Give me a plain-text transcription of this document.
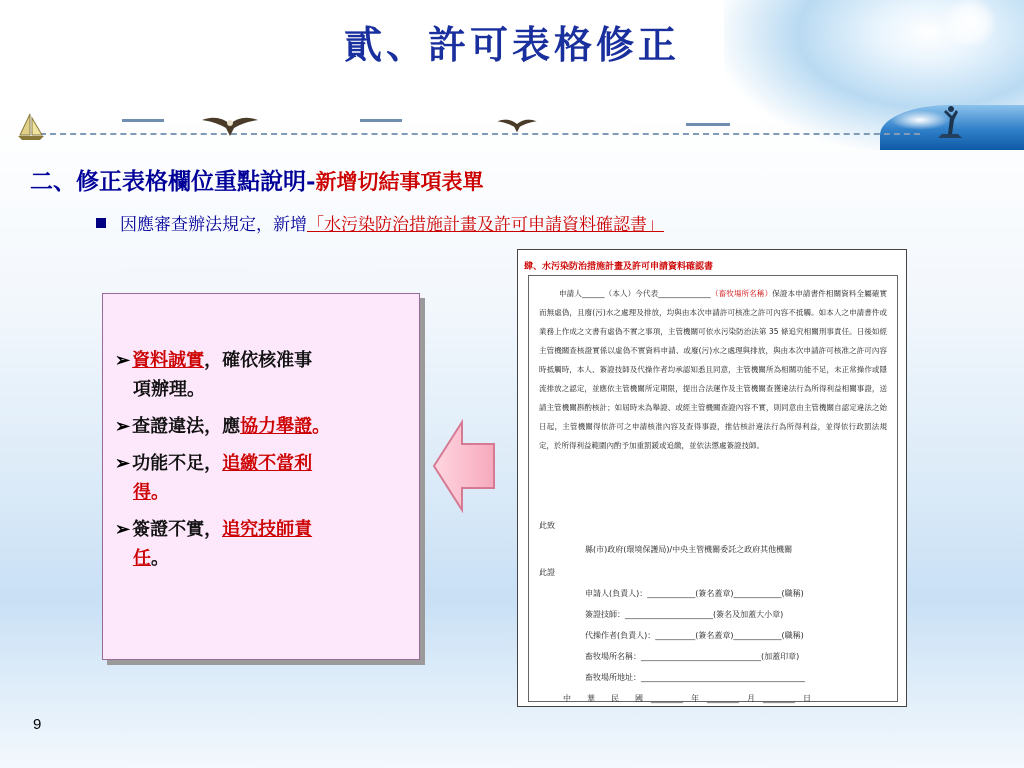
貳、許可表格修正
二、修正表格欄位重點說明-新增切結事項表單
因應審查辦法規定，新增「水污染防治措施計畫及許可申請資料確認書」
➢ 資料誠實，確依核准事
項辦理。
➢ 查證違法，應協力舉證。
➢ 功能不足，追繳不當利
得。
➢ 簽證不實，追究技師責
任。
肆、水污染防治措施計畫及許可申請資料確認書
申請人______（本人）今代表______________（畜牧場所名稱）保證本申請書件相關資料全屬確實而無虛偽，且廢(污)水之處理及排放，均與由本次申請許可核准之許可內容不抵觸。如本人之申請書件或業務上作成之文書有虛偽不實之事項，主管機關可依水污染防治法第 35 條追究相關刑事責任。日後如經主管機關查核證實係以虛偽不實資料申請、或廢(污)水之處理與排放，與由本次申請許可核准之許可內容時抵觸時，本人、簽證技師及代操作者均承認知悉且同意，主管機關所為相關功能不足，未正常操作或隱流排放之認定，並應依主管機關所定期限，提出合法運作及主管機關查獲違法行為所得利益相關事證，送請主管機關斟酌核計；如屆時未為舉證、或經主管機關查證內容不實，則同意由主管機關自認定違法之始日起，主管機關得依許可之申請核准內容及查得事證，推估核計違法行為所得利益，並得依行政罰法規定，於所得利益範圍內酌予加重罰鍰或追繳，並依法懲處簽證技師。
此致
縣(市)政府(環境保護局)/中央主管機關委託之政府其他機關
此證
申請人(負責人)：____________(簽名蓋章)____________(職稱)
簽證技師：______________________(簽名及加蓋大小章)
代操作者(負責人)：__________(簽名蓋章)____________(職稱)
畜牧場所名稱：______________________________(加蓋印章)
畜牧場所地址：_________________________________________
中　　華　　民　　國　________　年　________　月　________　日
9
